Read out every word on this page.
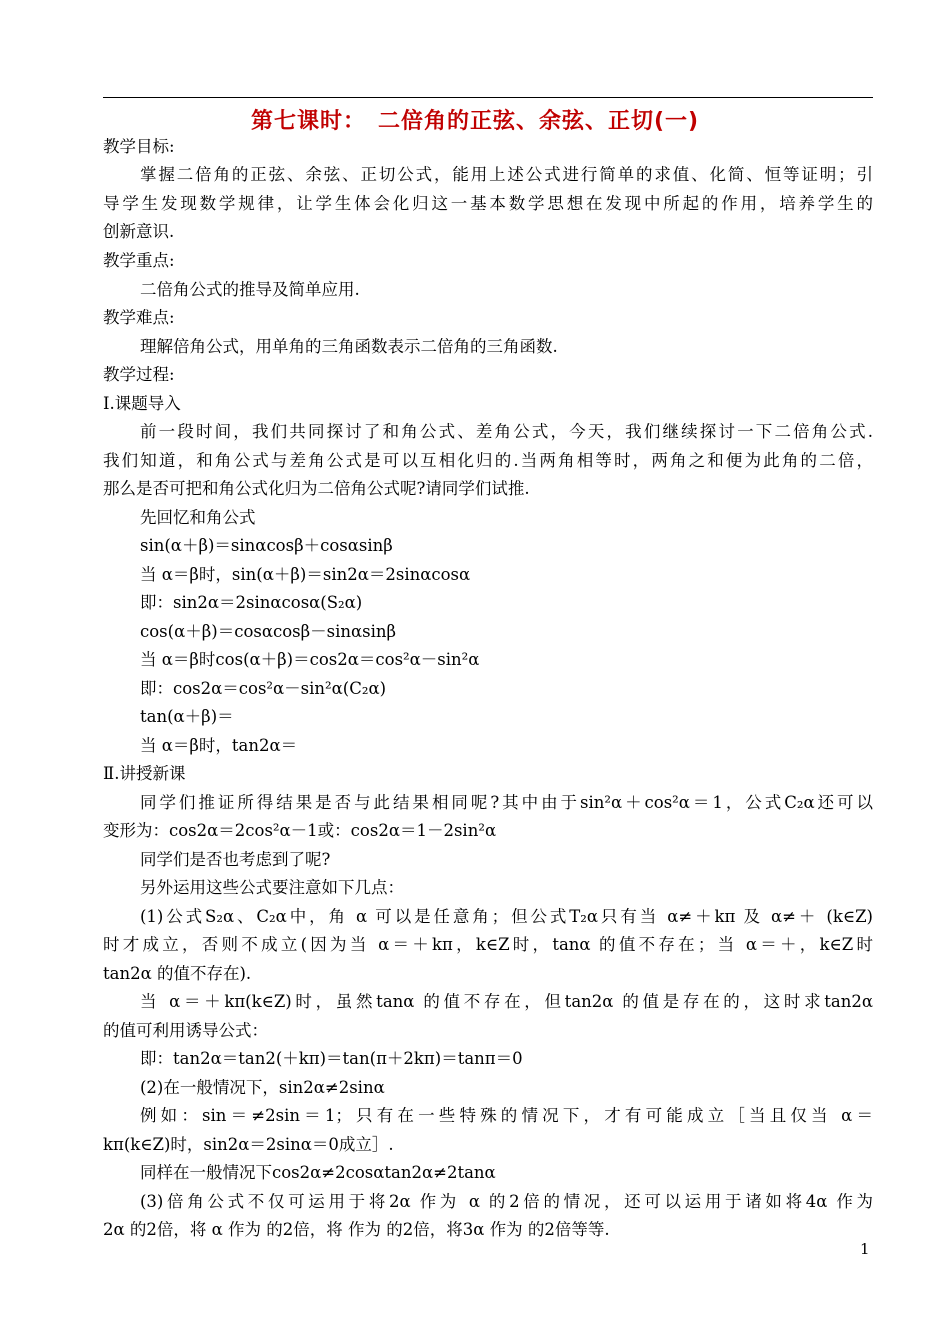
第七课时：　二倍角的正弦、余弦、正切(一)
教学目标:
掌握二倍角的正弦、余弦、正切公式，能用上述公式进行简单的求值、化简、恒等证明；引
导学生发现数学规律，让学生体会化归这一基本数学思想在发现中所起的作用，培养学生的
创新意识.
教学重点:
二倍角公式的推导及简单应用.
教学难点:
理解倍角公式，用单角的三角函数表示二倍角的三角函数.
教学过程:
Ⅰ.课题导入
前一段时间，我们共同探讨了和角公式、差角公式，今天，我们继续探讨一下二倍角公式.
我们知道，和角公式与差角公式是可以互相化归的.当两角相等时，两角之和便为此角的二倍，
那么是否可把和角公式化归为二倍角公式呢?请同学们试推.
先回忆和角公式
sin(α＋β)＝sinαcosβ＋cosαsinβ
当 α＝β时，sin(α＋β)＝sin2α＝2sinαcosα
即：sin2α＝2sinαcosα(S₂α)
cos(α＋β)＝cosαcosβ－sinαsinβ
当 α＝β时cos(α＋β)＝cos2α＝cos²α－sin²α
即：cos2α＝cos²α－sin²α(C₂α)
tan(α＋β)＝
当 α＝β时，tan2α＝
Ⅱ.讲授新课
同学们推证所得结果是否与此结果相同呢?其中由于sin²α＋cos²α＝1，公式C₂α还可以
变形为：cos2α＝2cos²α－1或：cos2α＝1－2sin²α
同学们是否也考虑到了呢?
另外运用这些公式要注意如下几点：
(1)公式S₂α、C₂α中，角 α 可以是任意角；但公式T₂α只有当 α≠＋kπ 及 α≠＋ (k∈Z)
时才成立，否则不成立(因为当 α＝＋kπ，k∈Z时，tanα 的值不存在；当 α＝＋，k∈Z时
tan2α 的值不存在).
当 α＝＋kπ(k∈Z)时，虽然tanα 的值不存在，但tan2α 的值是存在的，这时求tan2α
的值可利用诱导公式：
即：tan2α＝tan2(＋kπ)＝tan(π＋2kπ)＝tanπ＝0
(2)在一般情况下，sin2α≠2sinα
例如：sin＝≠2sin＝1；只有在一些特殊的情况下，才有可能成立［当且仅当 α＝
kπ(k∈Z)时，sin2α＝2sinα＝0成立］.
同样在一般情况下cos2α≠2cosαtan2α≠2tanα
(3)倍角公式不仅可运用于将2α 作为 α 的2倍的情况，还可以运用于诸如将4α 作为
2α 的2倍，将 α 作为 的2倍，将 作为 的2倍，将3α 作为 的2倍等等.
1
